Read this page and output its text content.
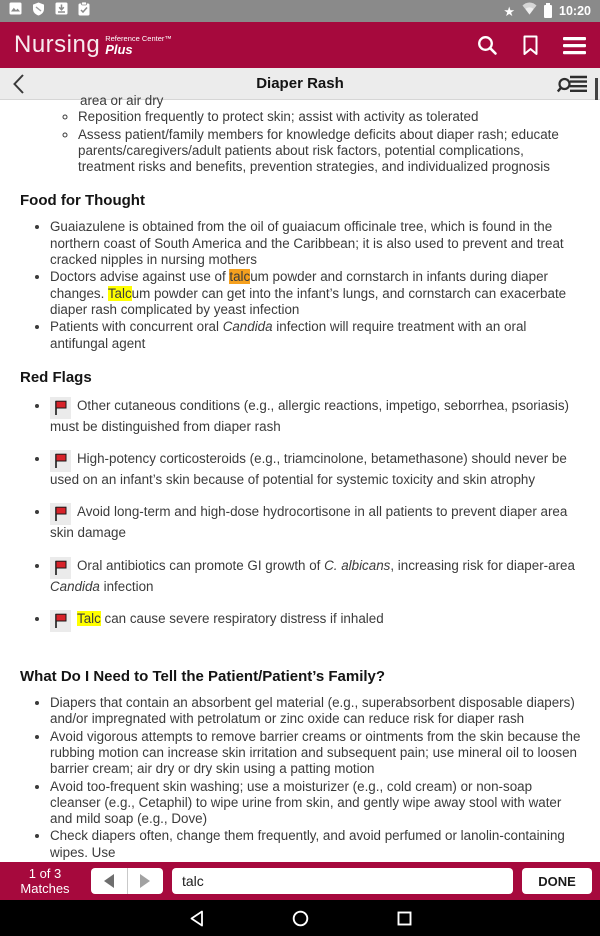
★	10:20
Nursing Reference Center™
Plus
Diaper Rash
area or air dry
◦ Reposition frequently to protect skin; assist with activity as tolerated
◦ Assess patient/family members for knowledge deficits about diaper rash; educate parents/caregivers/adult patients about risk factors, potential complications, treatment risks and benefits, prevention strategies, and individualized prognosis
Food for Thought
• Guaiazulene is obtained from the oil of guaiacum officinale tree, which is found in the northern coast of South America and the Caribbean; it is also used to prevent and treat cracked nipples in nursing mothers
• Doctors advise against use of talcum powder and cornstarch in infants during diaper changes. Talcum powder can get into the infant’s lungs, and cornstarch can exacerbate diaper rash complicated by yeast infection
• Patients with concurrent oral Candida infection will require treatment with an oral antifungal agent
Red Flags
• Other cutaneous conditions (e.g., allergic reactions, impetigo, seborrhea, psoriasis) must be distinguished from diaper rash
• High-potency corticosteroids (e.g., triamcinolone, betamethasone) should never be used on an infant’s skin because of potential for systemic toxicity and skin atrophy
• Avoid long-term and high-dose hydrocortisone in all patients to prevent diaper area skin damage
• Oral antibiotics can promote GI growth of C. albicans, increasing risk for diaper-area Candida infection
• Talc can cause severe respiratory distress if inhaled
What Do I Need to Tell the Patient/Patient’s Family?
• Diapers that contain an absorbent gel material (e.g., superabsorbent disposable diapers) and/or impregnated with petrolatum or zinc oxide can reduce risk for diaper rash
• Avoid vigorous attempts to remove barrier creams or ointments from the skin because the rubbing motion can increase skin irritation and subsequent pain; use mineral oil to loosen barrier cream; air dry or dry skin using a patting motion
• Avoid too-frequent skin washing; use a moisturizer (e.g., cold cream) or non-soap cleanser (e.g., Cetaphil) to wipe urine from skin, and gently wipe away stool with water and mild soap (e.g., Dove)
• Check diapers often, change them frequently, and avoid perfumed or lanolin-containing wipes. Use
1 of 3
Matches
talc	DONE
